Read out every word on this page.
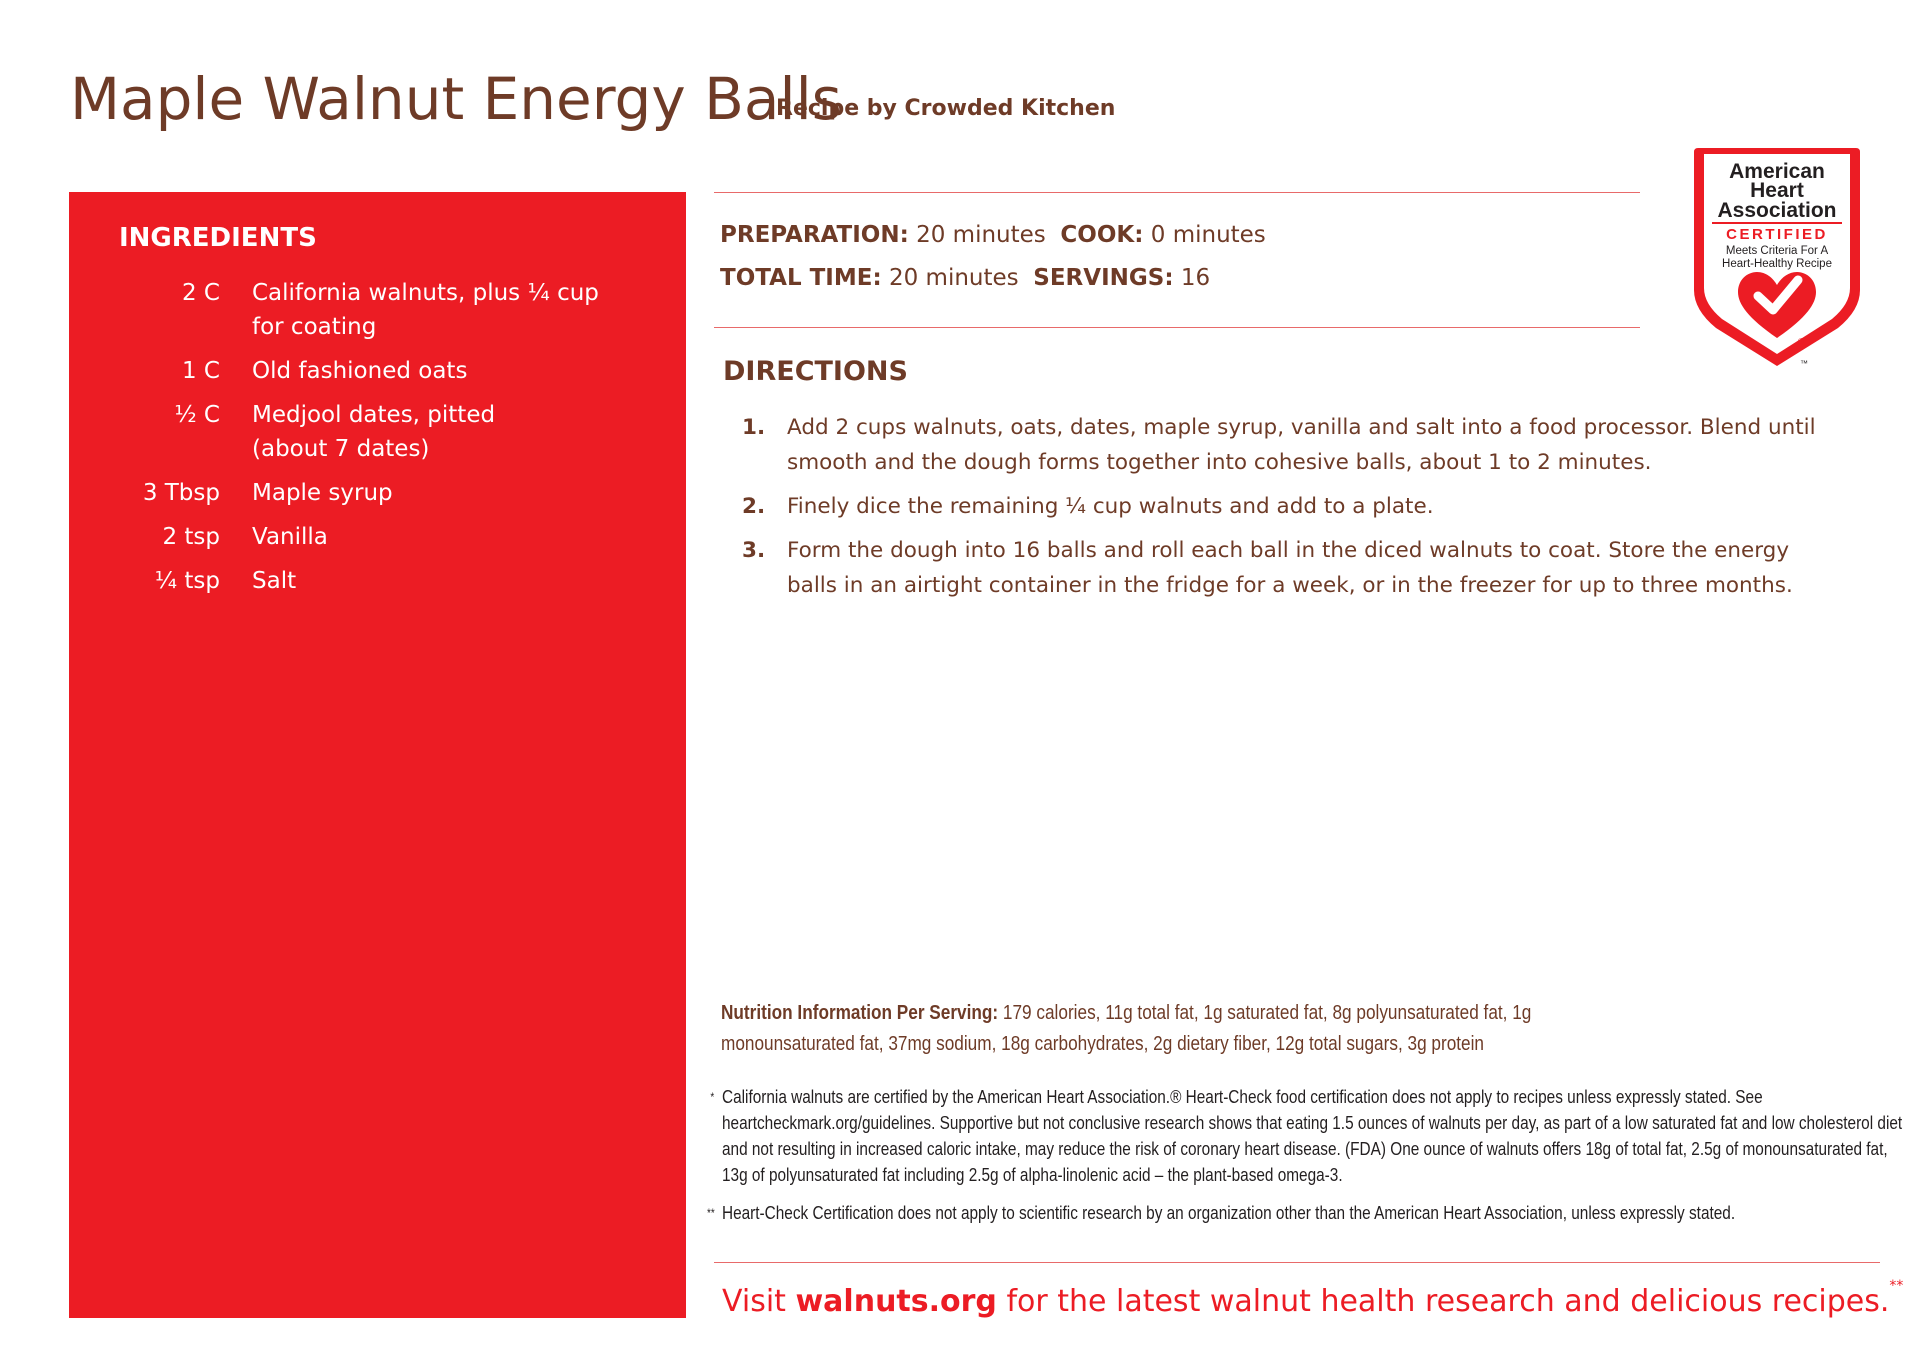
Maple Walnut Energy Balls
Recipe by Crowded Kitchen
INGREDIENTS
2 C	California walnuts, plus ¼ cup for coating
1 C	Old fashioned oats
½ C	Medjool dates, pitted (about 7 dates)
3 Tbsp	Maple syrup
2 tsp	Vanilla
¼ tsp	Salt
PREPARATION: 20 minutes COOK: 0 minutes
TOTAL TIME: 20 minutes SERVINGS: 16
DIRECTIONS
1.	Add 2 cups walnuts, oats, dates, maple syrup, vanilla and salt into a food processor. Blend until smooth and the dough forms together into cohesive balls, about 1 to 2 minutes.
2.	Finely dice the remaining ¼ cup walnuts and add to a plate.
3.	Form the dough into 16 balls and roll each ball in the diced walnuts to coat. Store the energy balls in an airtight container in the fridge for a week, or in the freezer for up to three months.
Nutrition Information Per Serving: 179 calories, 11g total fat, 1g saturated fat, 8g polyunsaturated fat, 1g monounsaturated fat, 37mg sodium, 18g carbohydrates, 2g dietary fiber, 12g total sugars, 3g protein
* California walnuts are certified by the American Heart Association.® Heart-Check food certification does not apply to recipes unless expressly stated. See heartcheckmark.org/guidelines. Supportive but not conclusive research shows that eating 1.5 ounces of walnuts per day, as part of a low saturated fat and low cholesterol diet and not resulting in increased caloric intake, may reduce the risk of coronary heart disease. (FDA) One ounce of walnuts offers 18g of total fat, 2.5g of monounsaturated fat, 13g of polyunsaturated fat including 2.5g of alpha-linolenic acid – the plant-based omega-3.
** Heart-Check Certification does not apply to scientific research by an organization other than the American Heart Association, unless expressly stated.
Visit walnuts.org for the latest walnut health research and delicious recipes.**
American
Heart
Association
CERTIFIED
Meets Criteria For A
Heart-Healthy Recipe
®
™
